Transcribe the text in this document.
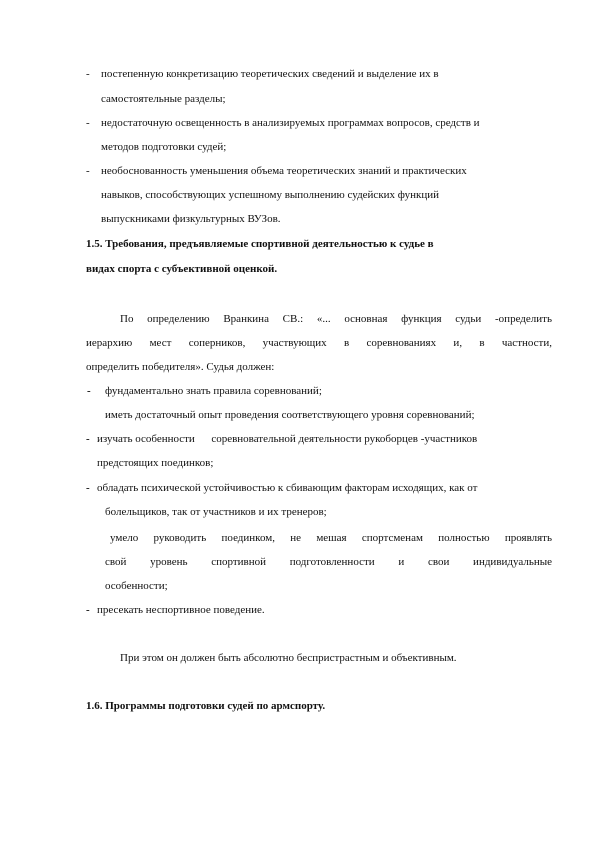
- постепенную конкретизацию теоретических сведений и выделение их в
самостоятельные разделы;
- недостаточную освещенность в анализируемых программах вопросов, средств и
методов подготовки судей;
- необоснованность уменьшения объема теоретических знаний и практических
навыков, способствующих успешному выполнению судейских функций
выпускниками физкультурных ВУЗов.
1.5. Требования, предъявляемые спортивной деятельностью к судье в
видах спорта с субъективной оценкой.
По определению Вранкина СВ.: «... основная функция судьи -определить
иерархию мест соперников, участвующих в соревнованиях и, в частности,
определить победителя». Судья должен:
- фундаментально знать правила соревнований;
иметь достаточный опыт проведения соответствующего уровня соревнований;
- изучать особенности      соревновательной деятельности рукоборцев -участников
предстоящих поединков;
- обладать психической устойчивостью к сбивающим факторам исходящих, как от
болельщиков, так от участников и их тренеров;
умело руководить поединком, не мешая спортсменам полностью проявлять
свой уровень спортивной подготовленности и свои индивидуальные
особенности;
- пресекать неспортивное поведение.
При этом он должен быть абсолютно беспристрастным и объективным.
1.6. Программы подготовки судей по армспорту.
